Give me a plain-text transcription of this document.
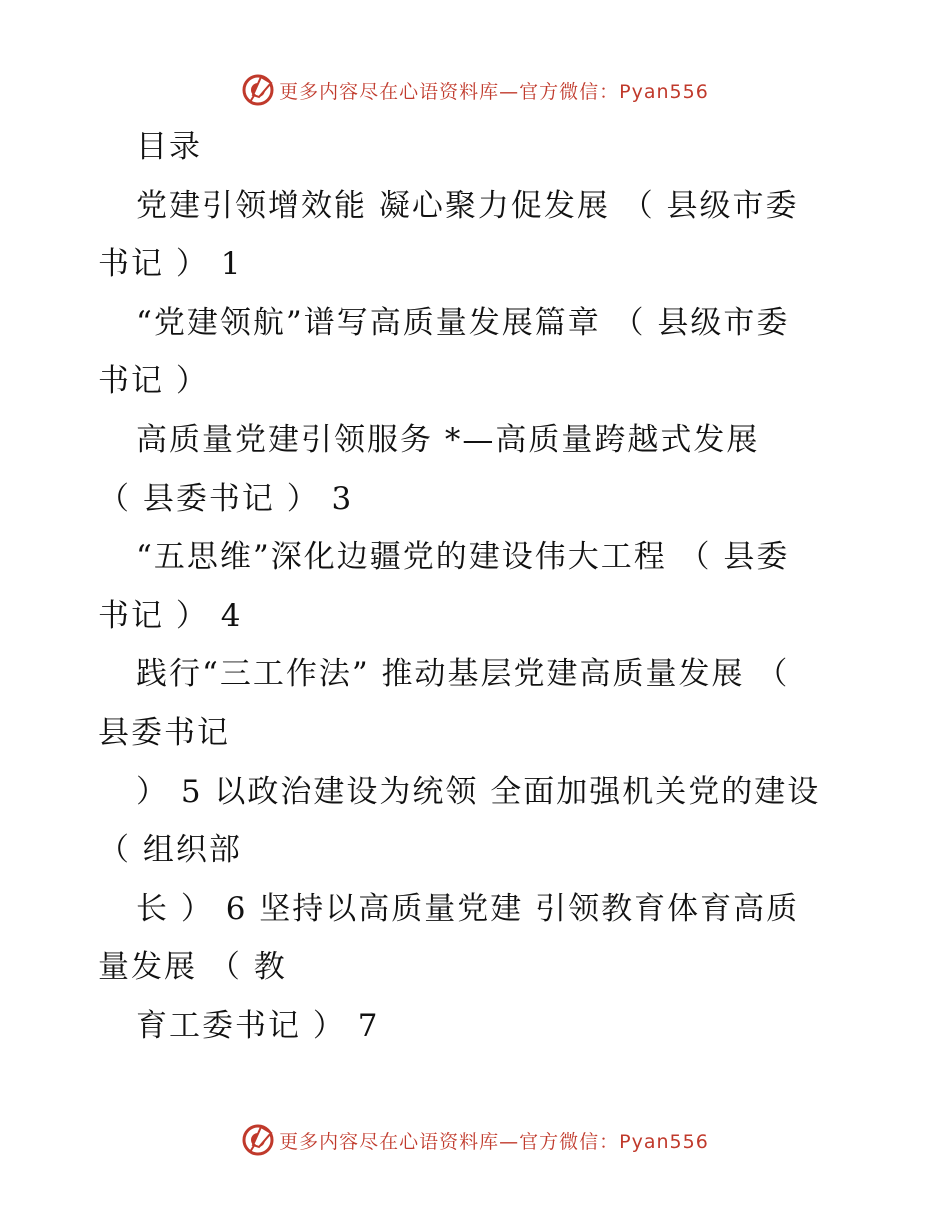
更多内容尽在心语资料库—官方微信：Pyan556
目录
党建引领增效能 凝心聚力促发展 （ 县级市委
书记 ） 1
“党建领航”谱写高质量发展篇章 （ 县级市委
书记 ）
高质量党建引领服务 *—高质量跨越式发展
（ 县委书记 ） 3
“五思维”深化边疆党的建设伟大工程 （ 县委
书记 ） 4
践行“三工作法” 推动基层党建高质量发展 （
县委书记
） 5 以政治建设为统领 全面加强机关党的建设
（ 组织部
长 ） 6 坚持以高质量党建 引领教育体育高质
量发展 （ 教
育工委书记 ） 7
更多内容尽在心语资料库—官方微信：Pyan556
